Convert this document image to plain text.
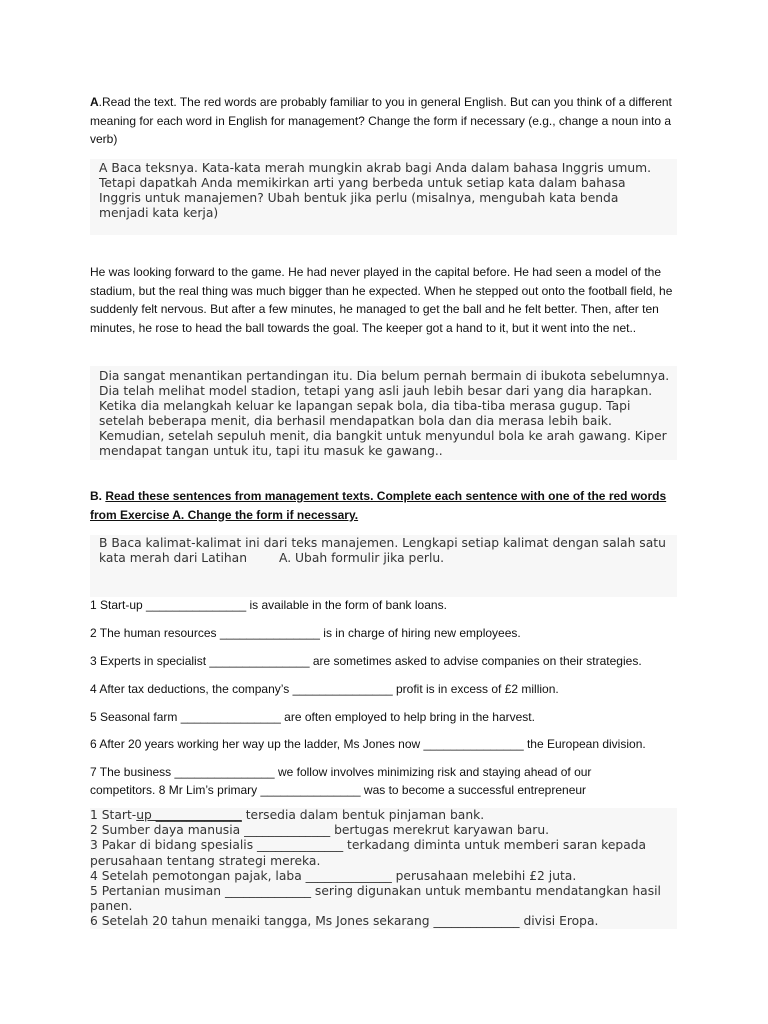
A.Read the text. The red words are probably familiar to you in general English. But can you think of a different meaning for each word in English for management? Change the form if necessary (e.g., change a noun into a verb)

A Baca teksnya. Kata-kata merah mungkin akrab bagi Anda dalam bahasa Inggris umum. Tetapi dapatkah Anda memikirkan arti yang berbeda untuk setiap kata dalam bahasa Inggris untuk manajemen? Ubah bentuk jika perlu (misalnya, mengubah kata benda menjadi kata kerja)

He was looking forward to the game. He had never played in the capital before. He had seen a model of the stadium, but the real thing was much bigger than he expected. When he stepped out onto the football field, he suddenly felt nervous. But after a few minutes, he managed to get the ball and he felt better. Then, after ten minutes, he rose to head the ball towards the goal. The keeper got a hand to it, but it went into the net..

Dia sangat menantikan pertandingan itu. Dia belum pernah bermain di ibukota sebelumnya. Dia telah melihat model stadion, tetapi yang asli jauh lebih besar dari yang dia harapkan. Ketika dia melangkah keluar ke lapangan sepak bola, dia tiba-tiba merasa gugup. Tapi setelah beberapa menit, dia berhasil mendapatkan bola dan dia merasa lebih baik. Kemudian, setelah sepuluh menit, dia bangkit untuk menyundul bola ke arah gawang. Kiper mendapat tangan untuk itu, tapi itu masuk ke gawang..

B. Read these sentences from management texts. Complete each sentence with one of the red words from Exercise A. Change the form if necessary.

B Baca kalimat-kalimat ini dari teks manajemen. Lengkapi setiap kalimat dengan salah satu kata merah dari Latihan	A. Ubah formulir jika perlu.

1 Start-up _______________ is available in the form of bank loans.

2 The human resources _______________ is in charge of hiring new employees.

3 Experts in specialist _______________ are sometimes asked to advise companies on their strategies.

4 After tax deductions, the company’s _______________ profit is in excess of £2 million.

5 Seasonal farm _______________ are often employed to help bring in the harvest.

6 After 20 years working her way up the ladder, Ms Jones now _______________ the European division.

7 The business _______________ we follow involves minimizing risk and staying ahead of our competitors. 8 Mr Lim’s primary _______________ was to become a successful entrepreneur

1 Start-up ______________ tersedia dalam bentuk pinjaman bank.

2 Sumber daya manusia ______________ bertugas merekrut karyawan baru.

3 Pakar di bidang spesialis ______________ terkadang diminta untuk memberi saran kepada perusahaan tentang strategi mereka.

4 Setelah pemotongan pajak, laba ______________ perusahaan melebihi £2 juta.

5 Pertanian musiman ______________ sering digunakan untuk membantu mendatangkan hasil panen.

6 Setelah 20 tahun menaiki tangga, Ms Jones sekarang ______________ divisi Eropa.
